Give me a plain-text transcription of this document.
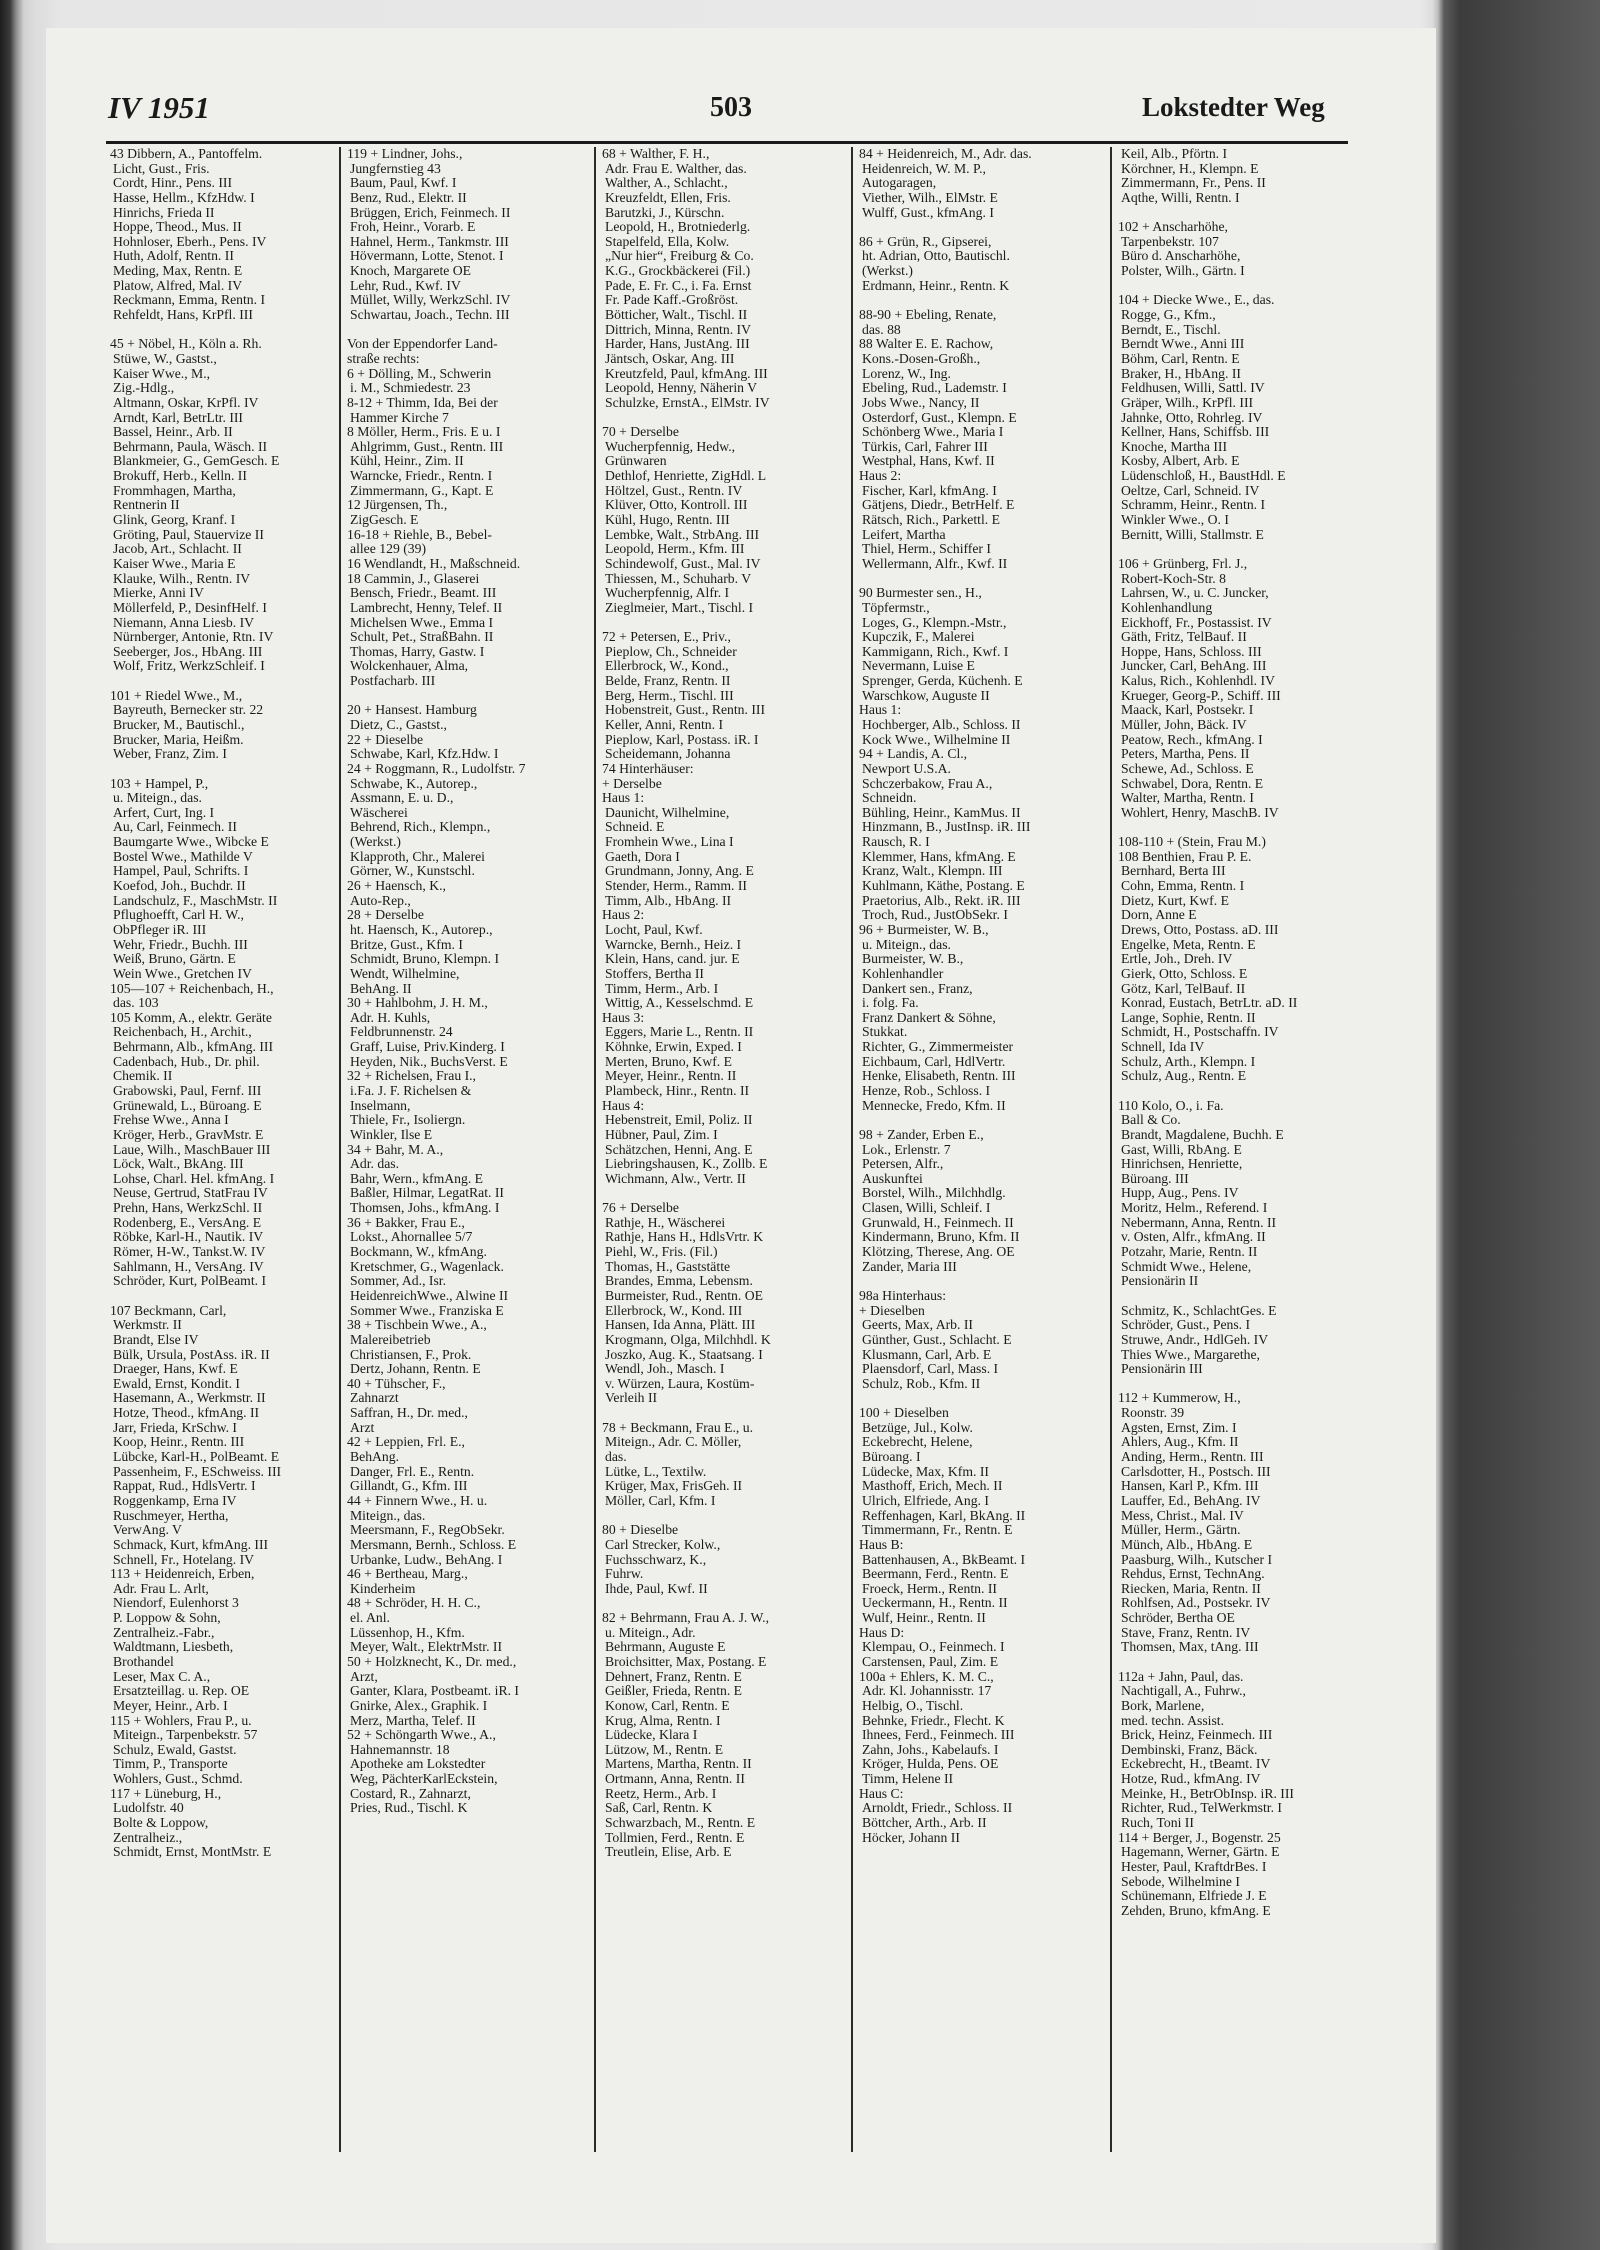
IV 1951	503	Lokstedter Weg
43 Dibbern, A., Pantoffelm.
Licht, Gust., Fris.
Cordt, Hinr., Pens. III
Hasse, Hellm., KfzHdw. I
Hinrichs, Frieda II
Hoppe, Theod., Mus. II
Hohnloser, Eberh., Pens. IV
Huth, Adolf, Rentn. II
Meding, Max, Rentn. E
Platow, Alfred, Mal. IV
Reckmann, Emma, Rentn. I
Rehfeldt, Hans, KrPfl. III
45 + Nöbel, H., Köln a. Rh.
Stüwe, W., Gastst.,
Kaiser Wwe., M.,
Zig.-Hdlg.,
Altmann, Oskar, KrPfl. IV
Arndt, Karl, BetrLtr. III
Bassel, Heinr., Arb. II
Behrmann, Paula, Wäsch. II
Blankmeier, G., GemGesch. E
Brokuff, Herb., Kelln. II
Frommhagen, Martha,
Rentnerin II
Glink, Georg, Kranf. I
Gröting, Paul, Stauervize II
Jacob, Art., Schlacht. II
Kaiser Wwe., Maria E
Klauke, Wilh., Rentn. IV
Mierke, Anni IV
Möllerfeld, P., DesinfHelf. I
Niemann, Anna Liesb. IV
Nürnberger, Antonie, Rtn. IV
Seeberger, Jos., HbAng. III
Wolf, Fritz, WerkzSchleif. I
101 + Riedel Wwe., M.,
Bayreuth, Bernecker str. 22
Brucker, M., Bautischl.,
Brucker, Maria, Heißm.
Weber, Franz, Zim. I
103 + Hampel, P.,
u. Miteign., das.
Arfert, Curt, Ing. I
Au, Carl, Feinmech. II
Baumgarte Wwe., Wibcke E
Bostel Wwe., Mathilde V
Hampel, Paul, Schrifts. I
Koefod, Joh., Buchdr. II
Landschulz, F., MaschMstr. II
Pflughoefft, Carl H. W.,
ObPfleger iR. III
Wehr, Friedr., Buchh. III
Weiß, Bruno, Gärtn. E
Wein Wwe., Gretchen IV
105—107 + Reichenbach, H.,
das. 103
105 Komm, A., elektr. Geräte
Reichenbach, H., Archit.,
Behrmann, Alb., kfmAng. III
Cadenbach, Hub., Dr. phil.
Chemik. II
Grabowski, Paul, Fernf. III
Grünewald, L., Büroang. E
Frehse Wwe., Anna I
Kröger, Herb., GravMstr. E
Laue, Wilh., MaschBauer III
Löck, Walt., BkAng. III
Lohse, Charl. Hel. kfmAng. I
Neuse, Gertrud, StatFrau IV
Prehn, Hans, WerkzSchl. II
Rodenberg, E., VersAng. E
Röbke, Karl-H., Nautik. IV
Römer, H-W., Tankst.W. IV
Sahlmann, H., VersAng. IV
Schröder, Kurt, PolBeamt. I
107 Beckmann, Carl,
Werkmstr. II
Brandt, Else IV
Bülk, Ursula, PostAss. iR. II
Draeger, Hans, Kwf. E
Ewald, Ernst, Kondit. I
Hasemann, A., Werkmstr. II
Hotze, Theod., kfmAng. II
Jarr, Frieda, KrSchw. I
Koop, Heinr., Rentn. III
Lübcke, Karl-H., PolBeamt. E
Passenheim, F., ESchweiss. III
Rappat, Rud., HdlsVertr. I
Roggenkamp, Erna IV
Ruschmeyer, Hertha,
VerwAng. V
Schmack, Kurt, kfmAng. III
Schnell, Fr., Hotelang. IV
113 + Heidenreich, Erben,
Adr. Frau L. Arlt,
Niendorf, Eulenhorst 3
P. Loppow & Sohn,
Zentralheiz.-Fabr.,
Waldtmann, Liesbeth,
Brothandel
Leser, Max C. A.,
Ersatzteillag. u. Rep. OE
Meyer, Heinr., Arb. I
115 + Wohlers, Frau P., u.
Miteign., Tarpenbekstr. 57
Schulz, Ewald, Gastst.
Timm, P., Transporte
Wohlers, Gust., Schmd.
117 + Lüneburg, H.,
Ludolfstr. 40
Bolte & Loppow,
Zentralheiz.,
Schmidt, Ernst, MontMstr. E
119 + Lindner, Johs.,
Jungfernstieg 43
Baum, Paul, Kwf. I
Benz, Rud., Elektr. II
Brüggen, Erich, Feinmech. II
Froh, Heinr., Vorarb. E
Hahnel, Herm., Tankmstr. III
Hövermann, Lotte, Stenot. I
Knoch, Margarete OE
Lehr, Rud., Kwf. IV
Müllet, Willy, WerkzSchl. IV
Schwartau, Joach., Techn. III
Von der Eppendorfer Land-
straße rechts:
6 + Dölling, M., Schwerin
i. M., Schmiedestr. 23
8-12 + Thimm, Ida, Bei der
Hammer Kirche 7
8 Möller, Herm., Fris. E u. I
Ahlgrimm, Gust., Rentn. III
Kühl, Heinr., Zim. II
Warncke, Friedr., Rentn. I
Zimmermann, G., Kapt. E
12 Jürgensen, Th.,
ZigGesch. E
16-18 + Riehle, B., Bebel-
allee 129 (39)
16 Wendlandt, H., Maßschneid.
18 Cammin, J., Glaserei
Bensch, Friedr., Beamt. III
Lambrecht, Henny, Telef. II
Michelsen Wwe., Emma I
Schult, Pet., StraßBahn. II
Thomas, Harry, Gastw. I
Wolckenhauer, Alma,
Postfacharb. III
20 + Hansest. Hamburg
Dietz, C., Gastst.,
22 + Dieselbe
Schwabe, Karl, Kfz.Hdw. I
24 + Roggmann, R., Ludolfstr. 7
Schwabe, K., Autorep.,
Assmann, E. u. D.,
Wäscherei
Behrend, Rich., Klempn.,
(Werkst.)
Klapproth, Chr., Malerei
Görner, W., Kunstschl.
26 + Haensch, K.,
Auto-Rep.,
28 + Derselbe
ht. Haensch, K., Autorep.,
Britze, Gust., Kfm. I
Schmidt, Bruno, Klempn. I
Wendt, Wilhelmine,
BehAng. II
30 + Hahlbohm, J. H. M.,
Adr. H. Kuhls,
Feldbrunnenstr. 24
Graff, Luise, Priv.Kinderg. I
Heyden, Nik., BuchsVerst. E
32 + Richelsen, Frau I.,
i.Fa. J. F. Richelsen &
Inselmann,
Thiele, Fr., Isoliergn.
Winkler, Ilse E
34 + Bahr, M. A.,
Adr. das.
Bahr, Wern., kfmAng. E
Baßler, Hilmar, LegatRat. II
Thomsen, Johs., kfmAng. I
36 + Bakker, Frau E.,
Lokst., Ahornallee 5/7
Bockmann, W., kfmAng.
Kretschmer, G., Wagenlack.
Sommer, Ad., Isr.
HeidenreichWwe., Alwine II
Sommer Wwe., Franziska E
38 + Tischbein Wwe., A.,
Malereibetrieb
Christiansen, F., Prok.
Dertz, Johann, Rentn. E
40 + Tühscher, F.,
Zahnarzt
Saffran, H., Dr. med.,
Arzt
42 + Leppien, Frl. E.,
BehAng.
Danger, Frl. E., Rentn.
Gillandt, G., Kfm. III
44 + Finnern Wwe., H. u.
Miteign., das.
Meersmann, F., RegObSekr.
Mersmann, Bernh., Schloss. E
Urbanke, Ludw., BehAng. I
46 + Bertheau, Marg.,
Kinderheim
48 + Schröder, H. H. C.,
el. Anl.
Lüssenhop, H., Kfm.
Meyer, Walt., ElektrMstr. II
50 + Holzknecht, K., Dr. med.,
Arzt,
Ganter, Klara, Postbeamt. iR. I
Gnirke, Alex., Graphik. I
Merz, Martha, Telef. II
52 + Schöngarth Wwe., A.,
Hahnemannstr. 18
Apotheke am Lokstedter
Weg, PächterKarlEckstein,
Costard, R., Zahnarzt,
Pries, Rud., Tischl. K
68 + Walther, F. H.,
Adr. Frau E. Walther, das.
Walther, A., Schlacht.,
Kreuzfeldt, Ellen, Fris.
Barutzki, J., Kürschn.
Leopold, H., Brotniederlg.
Stapelfeld, Ella, Kolw.
„Nur hier“, Freiburg & Co.
K.G., Grockbäckerei (Fil.)
Pade, E. Fr. C., i. Fa. Ernst
Fr. Pade Kaff.-Großröst.
Bötticher, Walt., Tischl. II
Dittrich, Minna, Rentn. IV
Harder, Hans, JustAng. III
Jäntsch, Oskar, Ang. III
Kreutzfeld, Paul, kfmAng. III
Leopold, Henny, Näherin V
Schulzke, ErnstA., ElMstr. IV
70 + Derselbe
Wucherpfennig, Hedw.,
Grünwaren
Dethlof, Henriette, ZigHdl. L
Höltzel, Gust., Rentn. IV
Klüver, Otto, Kontroll. III
Kühl, Hugo, Rentn. III
Lembke, Walt., StrbAng. III
Leopold, Herm., Kfm. III
Schindewolf, Gust., Mal. IV
Thiessen, M., Schuharb. V
Wucherpfennig, Alfr. I
Zieglmeier, Mart., Tischl. I
72 + Petersen, E., Priv.,
Pieplow, Ch., Schneider
Ellerbrock, W., Kond.,
Belde, Franz, Rentn. II
Berg, Herm., Tischl. III
Hobenstreit, Gust., Rentn. III
Keller, Anni, Rentn. I
Pieplow, Karl, Postass. iR. I
Scheidemann, Johanna
74 Hinterhäuser:
+ Derselbe
Haus 1:
Daunicht, Wilhelmine,
Schneid. E
Fromhein Wwe., Lina I
Gaeth, Dora I
Grundmann, Jonny, Ang. E
Stender, Herm., Ramm. II
Timm, Alb., HbAng. II
Haus 2:
Locht, Paul, Kwf.
Warncke, Bernh., Heiz. I
Klein, Hans, cand. jur. E
Stoffers, Bertha II
Timm, Herm., Arb. I
Wittig, A., Kesselschmd. E
Haus 3:
Eggers, Marie L., Rentn. II
Köhnke, Erwin, Exped. I
Merten, Bruno, Kwf. E
Meyer, Heinr., Rentn. II
Plambeck, Hinr., Rentn. II
Haus 4:
Hebenstreit, Emil, Poliz. II
Hübner, Paul, Zim. I
Schätzchen, Henni, Ang. E
Liebringshausen, K., Zollb. E
Wichmann, Alw., Vertr. II
76 + Derselbe
Rathje, H., Wäscherei
Rathje, Hans H., HdlsVrtr. K
Piehl, W., Fris. (Fil.)
Thomas, H., Gaststätte
Brandes, Emma, Lebensm.
Burmeister, Rud., Rentn. OE
Ellerbrock, W., Kond. III
Hansen, Ida Anna, Plätt. III
Krogmann, Olga, Milchhdl. K
Joszko, Aug. K., Staatsang. I
Wendl, Joh., Masch. I
v. Würzen, Laura, Kostüm-
Verleih II
78 + Beckmann, Frau E., u.
Miteign., Adr. C. Möller,
das.
Lütke, L., Textilw.
Krüger, Max, FrisGeh. II
Möller, Carl, Kfm. I
80 + Dieselbe
Carl Strecker, Kolw.,
Fuchsschwarz, K.,
Fuhrw.
Ihde, Paul, Kwf. II
82 + Behrmann, Frau A. J. W.,
u. Miteign., Adr.
Behrmann, Auguste E
Broichsitter, Max, Postang. E
Dehnert, Franz, Rentn. E
Geißler, Frieda, Rentn. E
Konow, Carl, Rentn. E
Krug, Alma, Rentn. I
Lüdecke, Klara I
Lützow, M., Rentn. E
Martens, Martha, Rentn. II
Ortmann, Anna, Rentn. II
Reetz, Herm., Arb. I
Saß, Carl, Rentn. K
Schwarzbach, M., Rentn. E
Tollmien, Ferd., Rentn. E
Treutlein, Elise, Arb. E
84 + Heidenreich, M., Adr. das.
Heidenreich, W. M. P.,
Autogaragen,
Viether, Wilh., ElMstr. E
Wulff, Gust., kfmAng. I
86 + Grün, R., Gipserei,
ht. Adrian, Otto, Bautischl.
(Werkst.)
Erdmann, Heinr., Rentn. K
88-90 + Ebeling, Renate,
das. 88
88 Walter E. E. Rachow,
Kons.-Dosen-Großh.,
Lorenz, W., Ing.
Ebeling, Rud., Lademstr. I
Jobs Wwe., Nancy, II
Osterdorf, Gust., Klempn. E
Schönberg Wwe., Maria I
Türkis, Carl, Fahrer III
Westphal, Hans, Kwf. II
Haus 2:
Fischer, Karl, kfmAng. I
Gätjens, Diedr., BetrHelf. E
Rätsch, Rich., Parkettl. E
Leifert, Martha
Thiel, Herm., Schiffer I
Wellermann, Alfr., Kwf. II
90 Burmester sen., H.,
Töpfermstr.,
Loges, G., Klempn.-Mstr.,
Kupczik, F., Malerei
Kammigann, Rich., Kwf. I
Nevermann, Luise E
Sprenger, Gerda, Küchenh. E
Warschkow, Auguste II
Haus 1:
Hochberger, Alb., Schloss. II
Kock Wwe., Wilhelmine II
94 + Landis, A. Cl.,
Newport U.S.A.
Schczerbakow, Frau A.,
Schneidn.
Bühling, Heinr., KamMus. II
Hinzmann, B., JustInsp. iR. III
Rausch, R. I
Klemmer, Hans, kfmAng. E
Kranz, Walt., Klempn. III
Kuhlmann, Käthe, Postang. E
Praetorius, Alb., Rekt. iR. III
Troch, Rud., JustObSekr. I
96 + Burmeister, W. B.,
u. Miteign., das.
Burmeister, W. B.,
Kohlenhandler
Dankert sen., Franz,
i. folg. Fa.
Franz Dankert & Söhne,
Stukkat.
Richter, G., Zimmermeister
Eichbaum, Carl, HdlVertr.
Henke, Elisabeth, Rentn. III
Henze, Rob., Schloss. I
Mennecke, Fredo, Kfm. II
98 + Zander, Erben E.,
Lok., Erlenstr. 7
Petersen, Alfr.,
Auskunftei
Borstel, Wilh., Milchhdlg.
Clasen, Willi, Schleif. I
Grunwald, H., Feinmech. II
Kindermann, Bruno, Kfm. II
Klötzing, Therese, Ang. OE
Zander, Maria III
98a Hinterhaus:
+ Dieselben
Geerts, Max, Arb. II
Günther, Gust., Schlacht. E
Klusmann, Carl, Arb. E
Plaensdorf, Carl, Mass. I
Schulz, Rob., Kfm. II
100 + Dieselben
Betzüge, Jul., Kolw.
Eckebrecht, Helene,
Büroang. I
Lüdecke, Max, Kfm. II
Masthoff, Erich, Mech. II
Ulrich, Elfriede, Ang. I
Reffenhagen, Karl, BkAng. II
Timmermann, Fr., Rentn. E
Haus B:
Battenhausen, A., BkBeamt. I
Beermann, Ferd., Rentn. E
Froeck, Herm., Rentn. II
Ueckermann, H., Rentn. II
Wulf, Heinr., Rentn. II
Haus D:
Klempau, O., Feinmech. I
Carstensen, Paul, Zim. E
100a + Ehlers, K. M. C.,
Adr. Kl. Johannisstr. 17
Helbig, O., Tischl.
Behnke, Friedr., Flecht. K
Ihnees, Ferd., Feinmech. III
Zahn, Johs., Kabelaufs. I
Kröger, Hulda, Pens. OE
Timm, Helene II
Haus C:
Arnoldt, Friedr., Schloss. II
Böttcher, Arth., Arb. II
Höcker, Johann II
Keil, Alb., Pförtn. I
Körchner, H., Klempn. E
Zimmermann, Fr., Pens. II
Aqthe, Willi, Rentn. I
102 + Anscharhöhe,
Tarpenbekstr. 107
Büro d. Anscharhöhe,
Polster, Wilh., Gärtn. I
104 + Diecke Wwe., E., das.
Rogge, G., Kfm.,
Berndt, E., Tischl.
Berndt Wwe., Anni III
Böhm, Carl, Rentn. E
Braker, H., HbAng. II
Feldhusen, Willi, Sattl. IV
Gräper, Wilh., KrPfl. III
Jahnke, Otto, Rohrleg. IV
Kellner, Hans, Schiffsb. III
Knoche, Martha III
Kosby, Albert, Arb. E
Lüdenschloß, H., BaustHdl. E
Oeltze, Carl, Schneid. IV
Schramm, Heinr., Rentn. I
Winkler Wwe., O. I
Bernitt, Willi, Stallmstr. E
106 + Grünberg, Frl. J.,
Robert-Koch-Str. 8
Lahrsen, W., u. C. Juncker,
Kohlenhandlung
Eickhoff, Fr., Postassist. IV
Gäth, Fritz, TelBauf. II
Hoppe, Hans, Schloss. III
Juncker, Carl, BehAng. III
Kalus, Rich., Kohlenhdl. IV
Krueger, Georg-P., Schiff. III
Maack, Karl, Postsekr. I
Müller, John, Bäck. IV
Peatow, Rech., kfmAng. I
Peters, Martha, Pens. II
Schewe, Ad., Schloss. E
Schwabel, Dora, Rentn. E
Walter, Martha, Rentn. I
Wohlert, Henry, MaschB. IV
108-110 + (Stein, Frau M.)
108 Benthien, Frau P. E.
Bernhard, Berta III
Cohn, Emma, Rentn. I
Dietz, Kurt, Kwf. E
Dorn, Anne E
Drews, Otto, Postass. aD. III
Engelke, Meta, Rentn. E
Ertle, Joh., Dreh. IV
Gierk, Otto, Schloss. E
Götz, Karl, TelBauf. II
Konrad, Eustach, BetrLtr. aD. II
Lange, Sophie, Rentn. II
Schmidt, H., Postschaffn. IV
Schnell, Ida IV
Schulz, Arth., Klempn. I
Schulz, Aug., Rentn. E
110 Kolo, O., i. Fa.
Ball & Co.
Brandt, Magdalene, Buchh. E
Gast, Willi, RbAng. E
Hinrichsen, Henriette,
Büroang. III
Hupp, Aug., Pens. IV
Moritz, Helm., Referend. I
Nebermann, Anna, Rentn. II
v. Osten, Alfr., kfmAng. II
Potzahr, Marie, Rentn. II
Schmidt Wwe., Helene,
Pensionärin II
Schmitz, K., SchlachtGes. E
Schröder, Gust., Pens. I
Struwe, Andr., HdlGeh. IV
Thies Wwe., Margarethe,
Pensionärin III
112 + Kummerow, H.,
Roonstr. 39
Agsten, Ernst, Zim. I
Ahlers, Aug., Kfm. II
Anding, Herm., Rentn. III
Carlsdotter, H., Postsch. III
Hansen, Karl P., Kfm. III
Lauffer, Ed., BehAng. IV
Mess, Christ., Mal. IV
Müller, Herm., Gärtn.
Münch, Alb., HbAng. E
Paasburg, Wilh., Kutscher I
Rehdus, Ernst, TechnAng.
Riecken, Maria, Rentn. II
Rohlfsen, Ad., Postsekr. IV
Schröder, Bertha OE
Stave, Franz, Rentn. IV
Thomsen, Max, tAng. III
112a + Jahn, Paul, das.
Nachtigall, A., Fuhrw.,
Bork, Marlene,
med. techn. Assist.
Brick, Heinz, Feinmech. III
Dembinski, Franz, Bäck.
Eckebrecht, H., tBeamt. IV
Hotze, Rud., kfmAng. IV
Meinke, H., BetrObInsp. iR. III
Richter, Rud., TelWerkmstr. I
Ruch, Toni II
114 + Berger, J., Bogenstr. 25
Hagemann, Werner, Gärtn. E
Hester, Paul, KraftdrBes. I
Sebode, Wilhelmine I
Schünemann, Elfriede J. E
Zehden, Bruno, kfmAng. E
